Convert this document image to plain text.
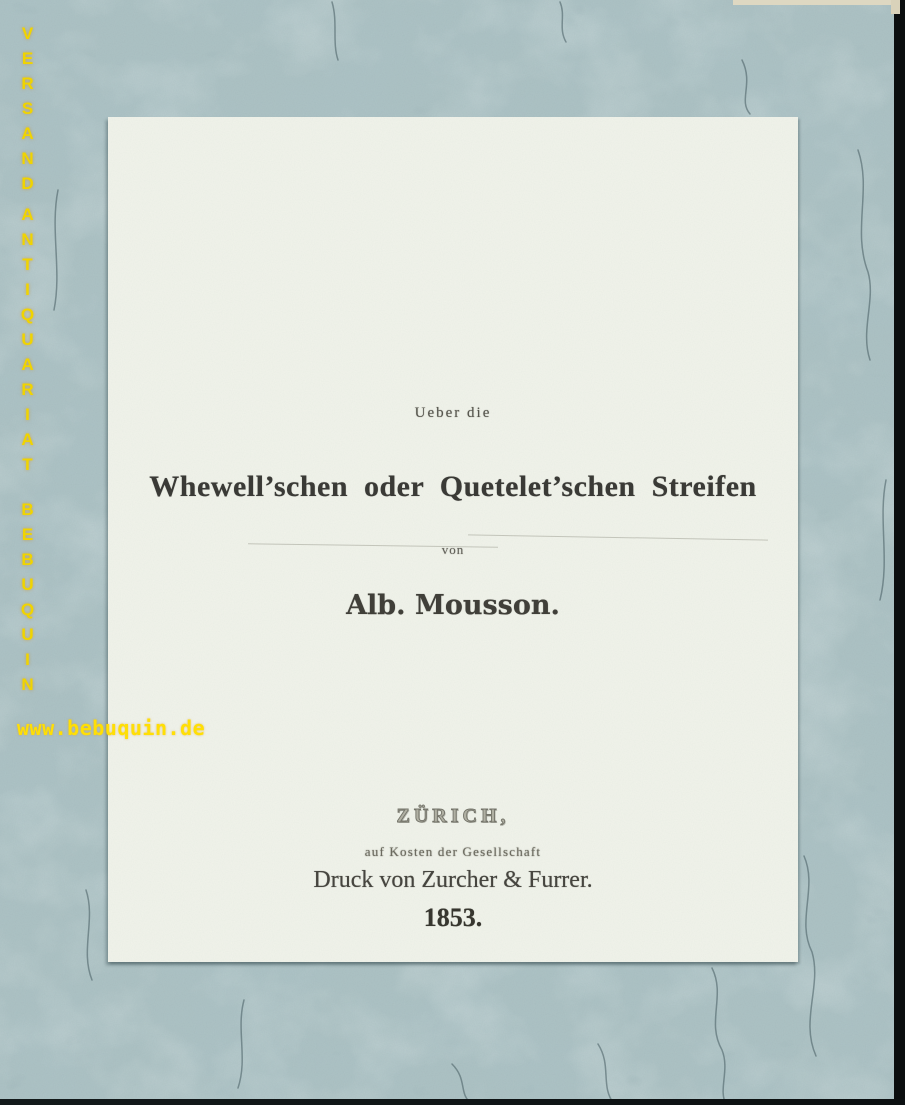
Ueber die
Whewell’schen oder Quetelet’schen Streifen
von
Alb. Mousson.
ZÜRICH,
auf Kosten der Gesellschaft
Druck von Zurcher & Furrer.
1853.
VERSAND
ANTIQUARIAT
BEBUQUIN
www.bebuquin.de
